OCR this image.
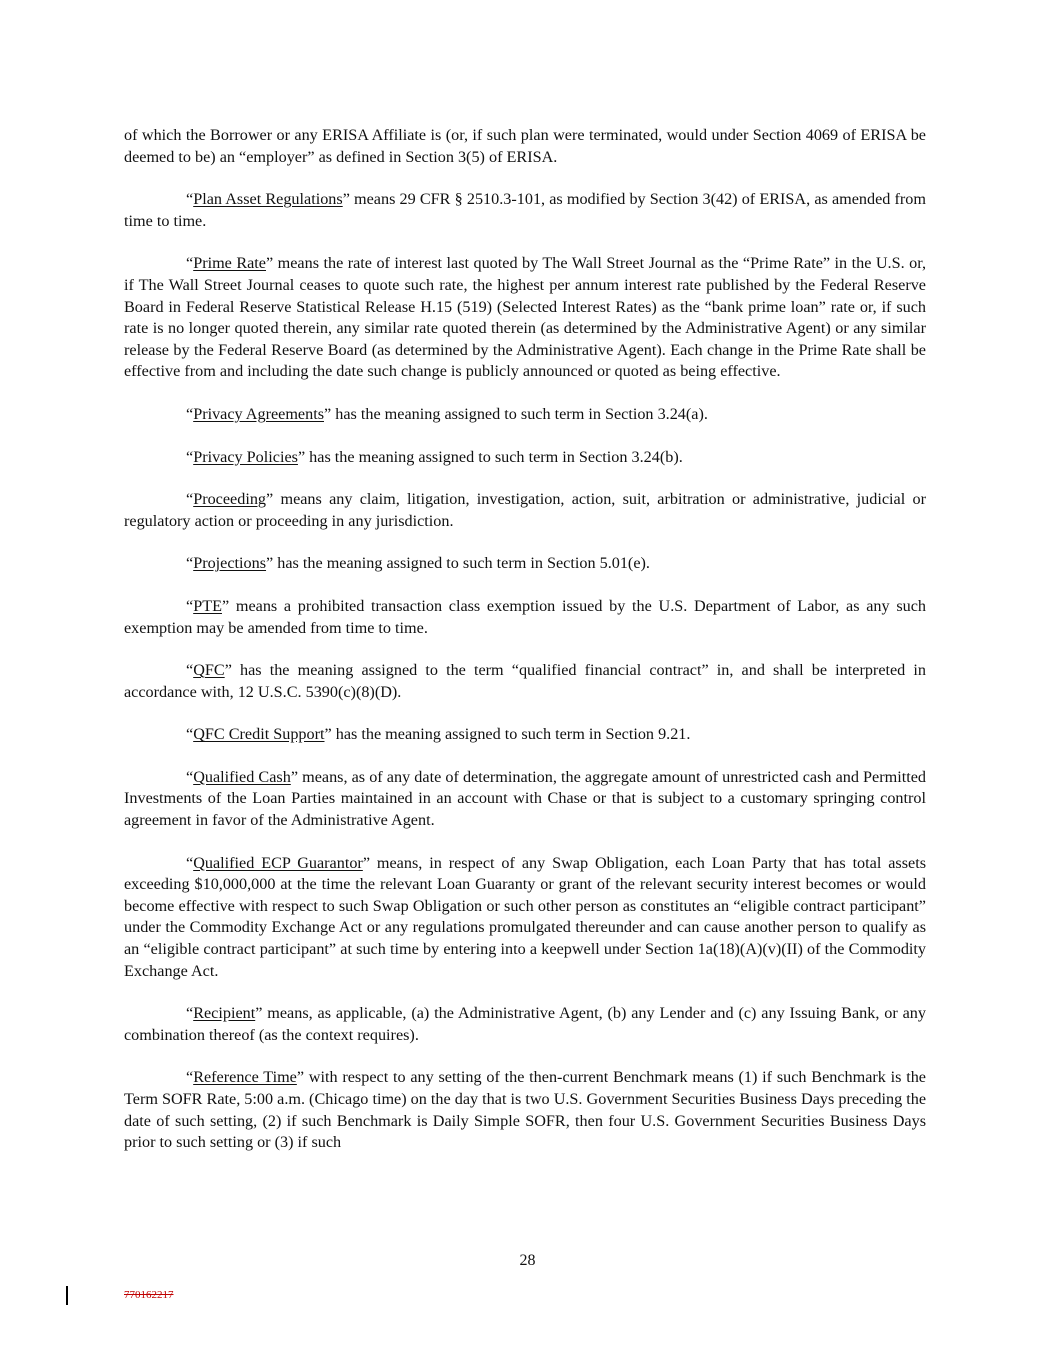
of which the Borrower or any ERISA Affiliate is (or, if such plan were terminated, would under Section 4069 of ERISA be deemed to be) an “employer” as defined in Section 3(5) of ERISA.

“Plan Asset Regulations” means 29 CFR § 2510.3-101, as modified by Section 3(42) of ERISA, as amended from time to time.

“Prime Rate” means the rate of interest last quoted by The Wall Street Journal as the “Prime Rate” in the U.S. or, if The Wall Street Journal ceases to quote such rate, the highest per annum interest rate published by the Federal Reserve Board in Federal Reserve Statistical Release H.15 (519) (Selected Interest Rates) as the “bank prime loan” rate or, if such rate is no longer quoted therein, any similar rate quoted therein (as determined by the Administrative Agent) or any similar release by the Federal Reserve Board (as determined by the Administrative Agent). Each change in the Prime Rate shall be effective from and including the date such change is publicly announced or quoted as being effective.

“Privacy Agreements” has the meaning assigned to such term in Section 3.24(a).

“Privacy Policies” has the meaning assigned to such term in Section 3.24(b).

“Proceeding” means any claim, litigation, investigation, action, suit, arbitration or administrative, judicial or regulatory action or proceeding in any jurisdiction.

“Projections” has the meaning assigned to such term in Section 5.01(e).

“PTE” means a prohibited transaction class exemption issued by the U.S. Department of Labor, as any such exemption may be amended from time to time.

“QFC” has the meaning assigned to the term “qualified financial contract” in, and shall be interpreted in accordance with, 12 U.S.C. 5390(c)(8)(D).

“QFC Credit Support” has the meaning assigned to such term in Section 9.21.

“Qualified Cash” means, as of any date of determination, the aggregate amount of unrestricted cash and Permitted Investments of the Loan Parties maintained in an account with Chase or that is subject to a customary springing control agreement in favor of the Administrative Agent.

“Qualified ECP Guarantor” means, in respect of any Swap Obligation, each Loan Party that has total assets exceeding $10,000,000 at the time the relevant Loan Guaranty or grant of the relevant security interest becomes or would become effective with respect to such Swap Obligation or such other person as constitutes an “eligible contract participant” under the Commodity Exchange Act or any regulations promulgated thereunder and can cause another person to qualify as an “eligible contract participant” at such time by entering into a keepwell under Section 1a(18)(A)(v)(II) of the Commodity Exchange Act.

“Recipient” means, as applicable, (a) the Administrative Agent, (b) any Lender and (c) any Issuing Bank, or any combination thereof (as the context requires).

“Reference Time” with respect to any setting of the then-current Benchmark means (1) if such Benchmark is the Term SOFR Rate, 5:00 a.m. (Chicago time) on the day that is two U.S. Government Securities Business Days preceding the date of such setting, (2) if such Benchmark is Daily Simple SOFR, then four U.S. Government Securities Business Days prior to such setting or (3) if such

28
770162217
